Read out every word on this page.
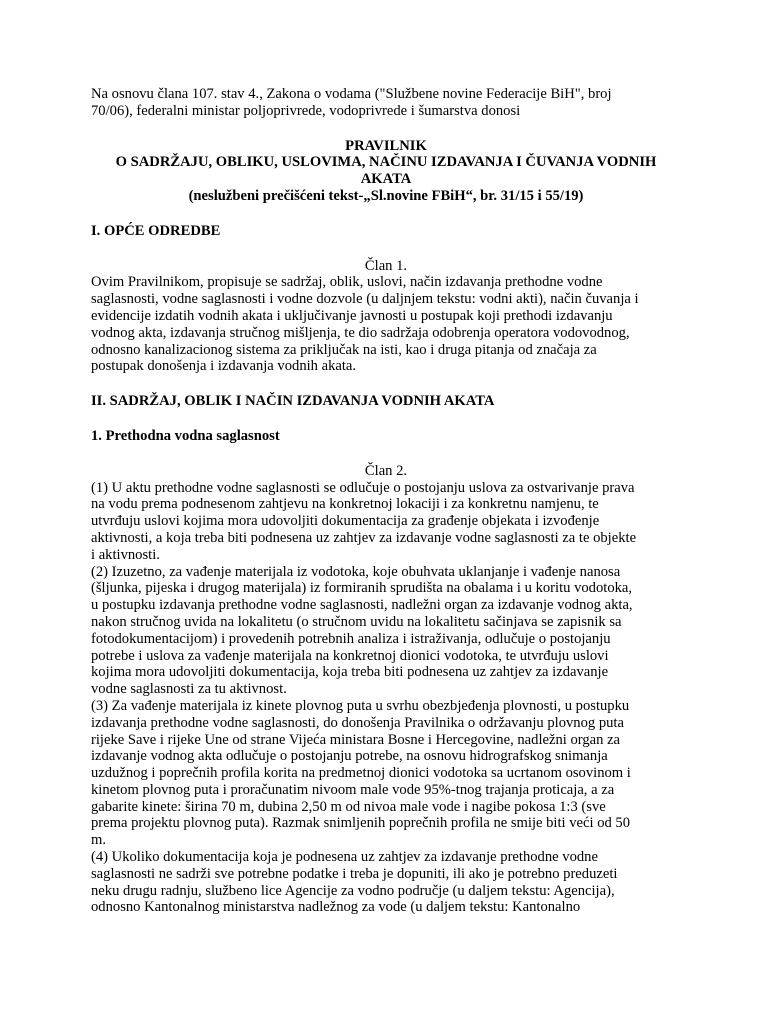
Na osnovu člana 107. stav 4., Zakona o vodama ("Službene novine Federacije BiH", broj
70/06), federalni ministar poljoprivrede, vodoprivrede i šumarstva donosi
PRAVILNIK
O SADRŽAJU, OBLIKU, USLOVIMA, NAČINU IZDAVANJA I ČUVANJA VODNIH
AKATA
(neslužbeni prečišćeni tekst-„Sl.novine FBiH“, br. 31/15 i 55/19)
I. OPĆE ODREDBE
Član 1.
Ovim Pravilnikom, propisuje se sadržaj, oblik, uslovi, način izdavanja prethodne vodne
saglasnosti, vodne saglasnosti i vodne dozvole (u daljnjem tekstu: vodni akti), način čuvanja i
evidencije izdatih vodnih akata i uključivanje javnosti u postupak koji prethodi izdavanju
vodnog akta, izdavanja stručnog mišljenja, te dio sadržaja odobrenja operatora vodovodnog,
odnosno kanalizacionog sistema za priključak na isti, kao i druga pitanja od značaja za
postupak donošenja i izdavanja vodnih akata.
II. SADRŽAJ, OBLIK I NAČIN IZDAVANJA VODNIH AKATA
1. Prethodna vodna saglasnost
Član 2.
(1) U aktu prethodne vodne saglasnosti se odlučuje o postojanju uslova za ostvarivanje prava
na vodu prema podnesenom zahtjevu na konkretnoj lokaciji i za konkretnu namjenu, te
utvrđuju uslovi kojima mora udovoljiti dokumentacija za građenje objekata i izvođenje
aktivnosti, a koja treba biti podnesena uz zahtjev za izdavanje vodne saglasnosti za te objekte
i aktivnosti.
(2) Izuzetno, za vađenje materijala iz vodotoka, koje obuhvata uklanjanje i vađenje nanosa
(šljunka, pijeska i drugog materijala) iz formiranih sprudišta na obalama i u koritu vodotoka,
u postupku izdavanja prethodne vodne saglasnosti, nadležni organ za izdavanje vodnog akta,
nakon stručnog uvida na lokalitetu (o stručnom uvidu na lokalitetu sačinjava se zapisnik sa
fotodokumentacijom) i provedenih potrebnih analiza i istraživanja, odlučuje o postojanju
potrebe i uslova za vađenje materijala na konkretnoj dionici vodotoka, te utvrđuju uslovi
kojima mora udovoljiti dokumentacija, koja treba biti podnesena uz zahtjev za izdavanje
vodne saglasnosti za tu aktivnost.
(3) Za vađenje materijala iz kinete plovnog puta u svrhu obezbjeđenja plovnosti, u postupku
izdavanja prethodne vodne saglasnosti, do donošenja Pravilnika o održavanju plovnog puta
rijeke Save i rijeke Une od strane Vijeća ministara Bosne i Hercegovine, nadležni organ za
izdavanje vodnog akta odlučuje o postojanju potrebe, na osnovu hidrografskog snimanja
uzdužnog i poprečnih profila korita na predmetnoj dionici vodotoka sa ucrtanom osovinom i
kinetom plovnog puta i proračunatim nivoom male vode 95%-tnog trajanja proticaja, a za
gabarite kinete: širina 70 m, dubina 2,50 m od nivoa male vode i nagibe pokosa 1:3 (sve
prema projektu plovnog puta). Razmak snimljenih poprečnih profila ne smije biti veći od 50
m.
(4) Ukoliko dokumentacija koja je podnesena uz zahtjev za izdavanje prethodne vodne
saglasnosti ne sadrži sve potrebne podatke i treba je dopuniti, ili ako je potrebno preduzeti
neku drugu radnju, službeno lice Agencije za vodno područje (u daljem tekstu: Agencija),
odnosno Kantonalnog ministarstva nadležnog za vode (u daljem tekstu: Kantonalno
